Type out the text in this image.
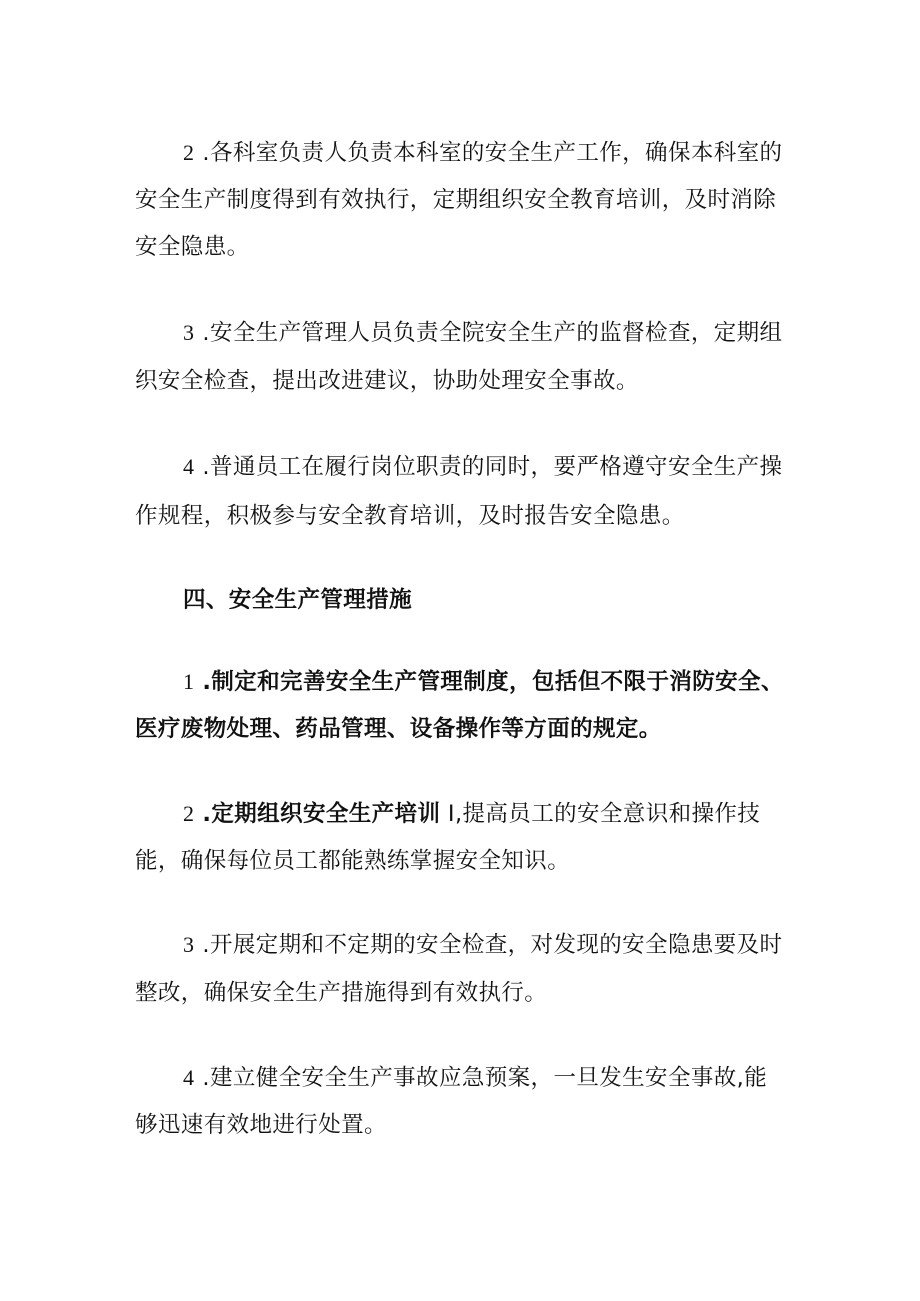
2 .各科室负责人负责本科室的安全生产工作，确保本科室的
安全生产制度得到有效执行，定期组织安全教育培训，及时消除
安全隐患。
3 .安全生产管理人员负责全院安全生产的监督检查，定期组
织安全检查，提出改进建议，协助处理安全事故。
4 .普通员工在履行岗位职责的同时，要严格遵守安全生产操
作规程，积极参与安全教育培训，及时报告安全隐患。
四、安全生产管理措施
1 .制定和完善安全生产管理制度，包括但不限于消防安全、
医疗废物处理、药品管理、设备操作等方面的规定。
2 .定期组织安全生产培训 I,提高员工的安全意识和操作技
能，确保每位员工都能熟练掌握安全知识。
3 .开展定期和不定期的安全检查，对发现的安全隐患要及时
整改，确保安全生产措施得到有效执行。
4 .建立健全安全生产事故应急预案，一旦发生安全事故,能
够迅速有效地进行处置。
